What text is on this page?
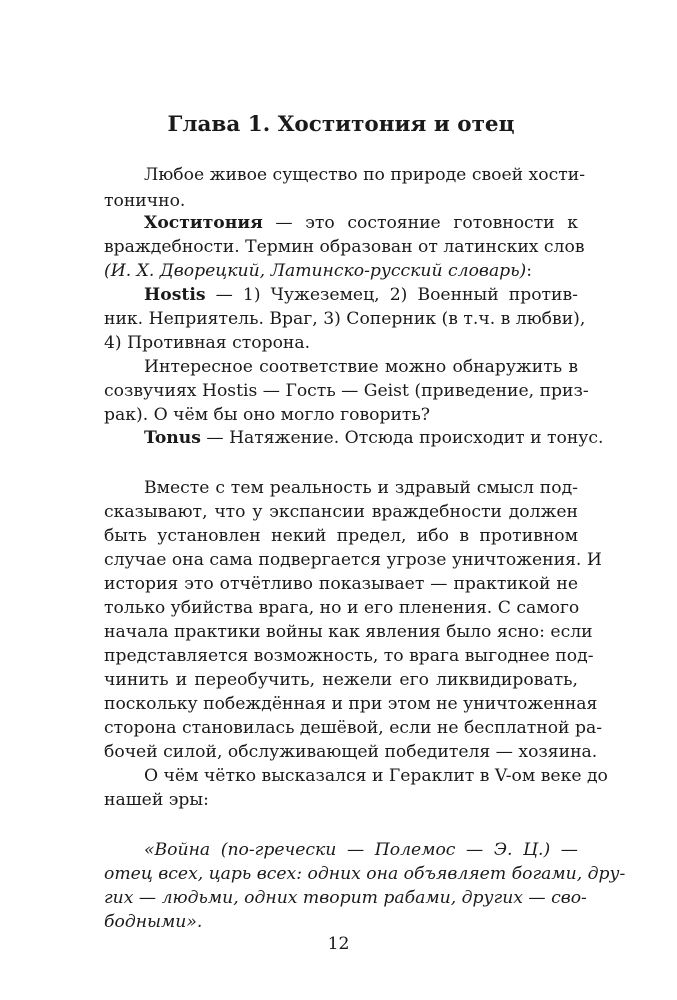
Глава 1. Хоститония и отец

Любое живое существо по природе своей хости-

тонично.

Хоститония — это состояние готовности к

враждебности. Термин образован от латинских слов

(И. Х. Дворецкий, Латинско-русский словарь):

Hostis — 1) Чужеземец, 2) Военный против-

ник. Неприятель. Враг, 3) Соперник (в т.ч. в любви),

4) Противная сторона.

Интересное соответствие можно обнаружить в

созвучиях Hostis — Гость — Geist (приведение, приз-

рак). О чём бы оно могло говорить?

Tonus — Натяжение. Отсюда происходит и тонус.

Вместе с тем реальность и здравый смысл под-

сказывают, что у экспансии враждебности должен

быть установлен некий предел, ибо в противном

случае она сама подвергается угрозе уничтожения. И

история это отчётливо показывает — практикой не

только убийства врага, но и его пленения. С самого

начала практики войны как явления было ясно: если

представляется возможность, то врага выгоднее под-

чинить и переобучить, нежели его ликвидировать,

поскольку побеждённая и при этом не уничтоженная

сторона становилась дешёвой, если не бесплатной ра-

бочей силой, обслуживающей победителя — хозяина.

О чём чётко высказался и Гераклит в V-ом веке до

нашей эры:

«Война (по-гречески — Полемос — Э. Ц.) —

отец всех, царь всех: одних она объявляет богами, дру-

гих — людьми, одних творит рабами, других — сво-

бодными».

12
